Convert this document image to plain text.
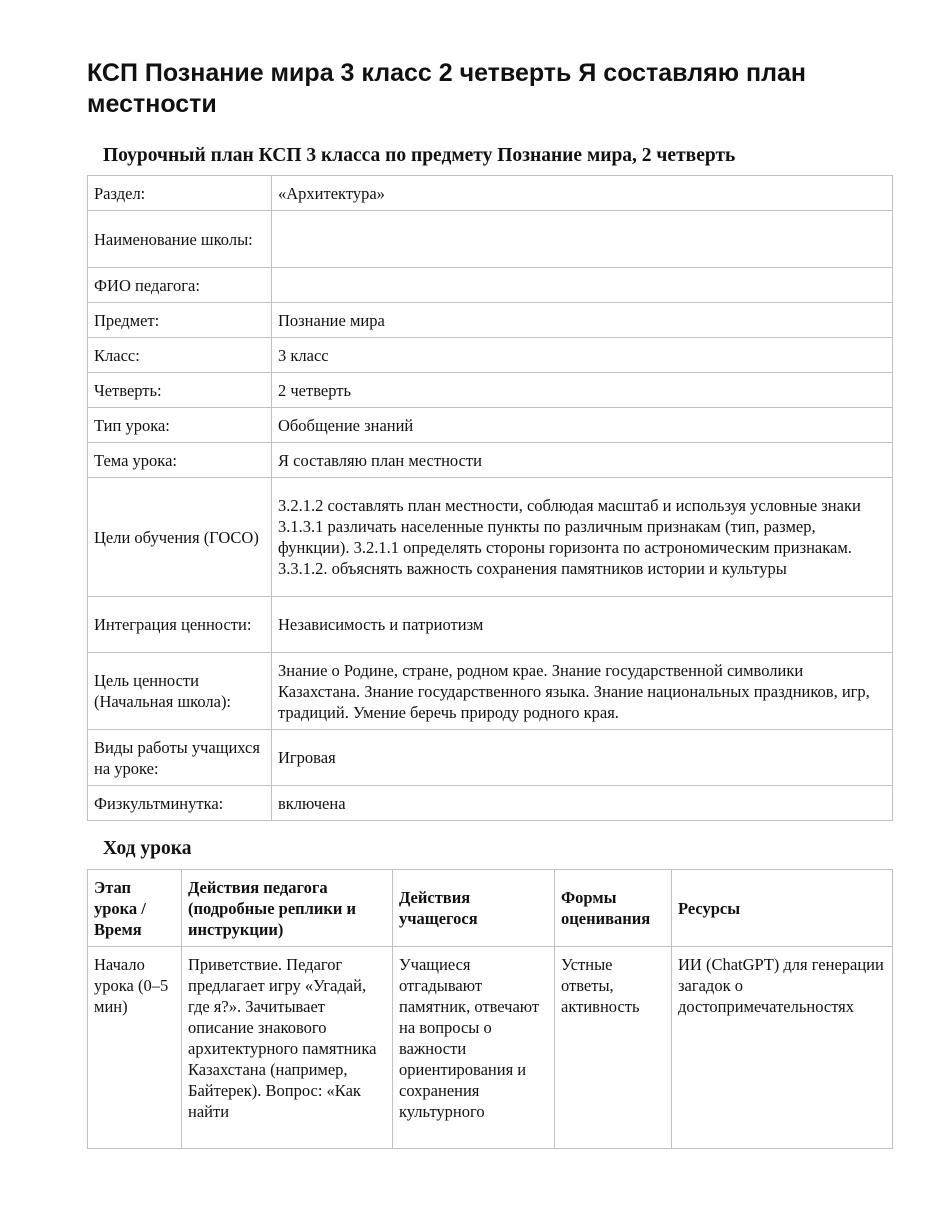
КСП Познание мира 3 класс 2 четверть Я составляю план местности
Поурочный план КСП 3 класса по предмету Познание мира, 2 четверть
Раздел:	«Архитектура»
Наименование школы:	
ФИО педагога:	
Предмет:	Познание мира
Класс:	3 класс
Четверть:	2 четверть
Тип урока:	Обобщение знаний
Тема урока:	Я составляю план местности
Цели обучения (ГОСО)	3.2.1.2 составлять план местности, соблюдая масштаб и используя условные знаки 3.1.3.1 различать населенные пункты по различным признакам (тип, размер, функции). 3.2.1.1 определять стороны горизонта по астрономическим признакам. 3.3.1.2. объяснять важность сохранения памятников истории и культуры
Интеграция ценности:	Независимость и патриотизм
Цель ценности (Начальная школа):	Знание о Родине, стране, родном крае. Знание государственной символики Казахстана. Знание государственного языка. Знание национальных праздников, игр, традиций. Умение беречь природу родного края.
Виды работы учащихся на уроке:	Игровая
Физкультминутка:	включена
Ход урока
Этап урока / Время	Действия педагога (подробные реплики и инструкции)	Действия учащегося	Формы оценивания	Ресурсы
Начало урока (0–5 мин)	Приветствие. Педагог предлагает игру «Угадай, где я?». Зачитывает описание знакового архитектурного памятника Казахстана (например, Байтерек). Вопрос: «Как найти	Учащиеся отгадывают памятник, отвечают на вопросы о важности ориентирования и сохранения культурного	Устные ответы, активность	ИИ (ChatGPT) для генерации загадок о достопримечательностях
